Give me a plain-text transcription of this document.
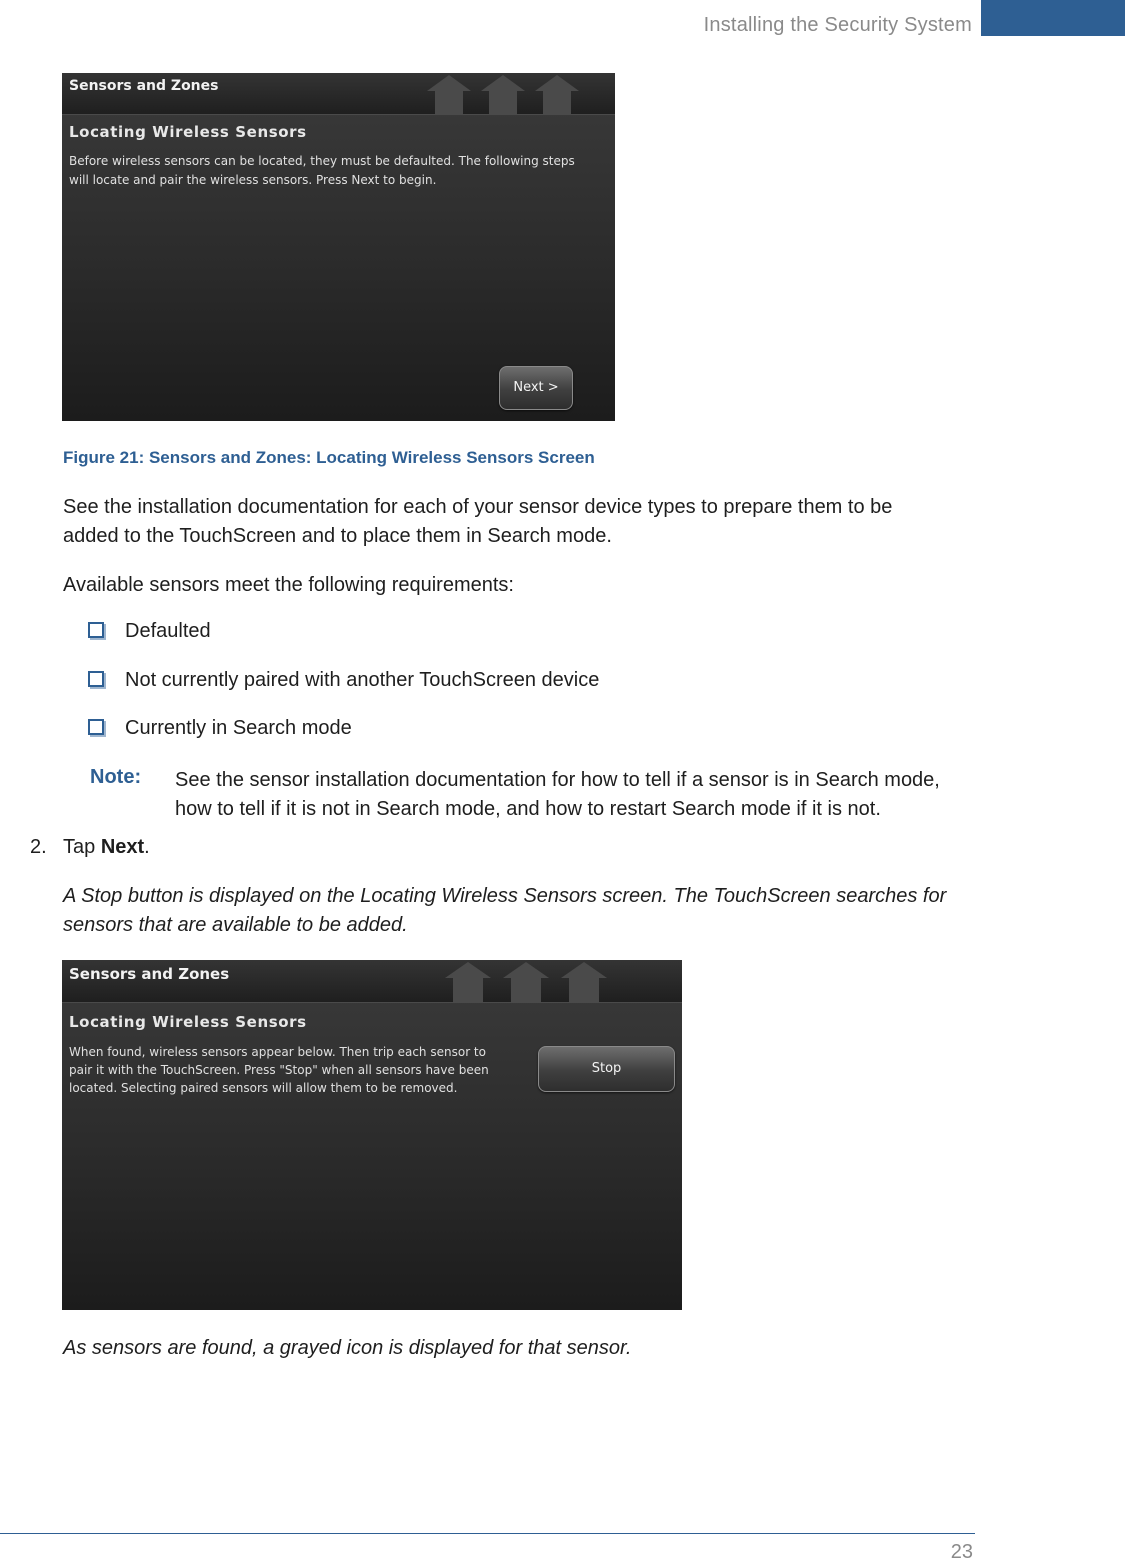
Installing the Security System
Sensors and Zones
Locating Wireless Sensors
Before wireless sensors can be located, they must be defaulted. The following steps
will locate and pair the wireless sensors. Press Next to begin.
Next >
Figure 21: Sensors and Zones: Locating Wireless Sensors Screen
See the installation documentation for each of your sensor device types to prepare them to be
added to the TouchScreen and to place them in Search mode.
Available sensors meet the following requirements:
Defaulted
Not currently paired with another TouchScreen device
Currently in Search mode
Note: See the sensor installation documentation for how to tell if a sensor is in Search mode,
how to tell if it is not in Search mode, and how to restart Search mode if it is not.
2. Tap Next.
A Stop button is displayed on the Locating Wireless Sensors screen. The TouchScreen searches for
sensors that are available to be added.
Sensors and Zones
Locating Wireless Sensors
When found, wireless sensors appear below. Then trip each sensor to
pair it with the TouchScreen. Press "Stop" when all sensors have been
located. Selecting paired sensors will allow them to be removed.
Stop
As sensors are found, a grayed icon is displayed for that sensor.
23
